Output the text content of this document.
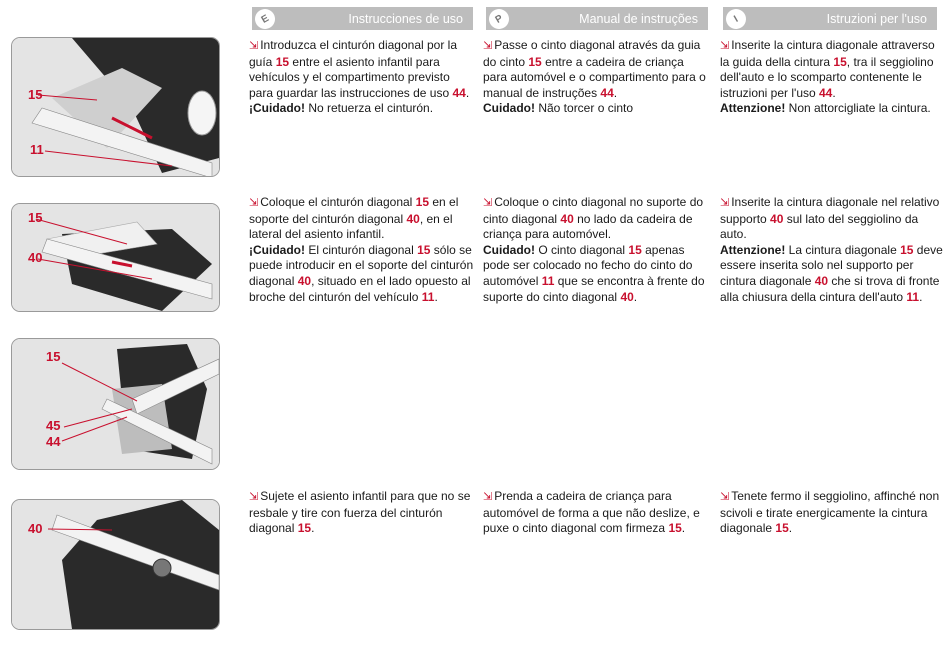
E	Instrucciones de uso	P	Manual de instruções	I	Istruzioni per l'uso
15
11
15
40
15
45
44
40
⇲ Introduzca el cinturón diagonal por la guía 15 entre el asiento infantil para vehículos y el compartimento previsto para guardar las instrucciones de uso 44.
¡Cuidado! No retuerza el cinturón.
⇲ Passe o cinto diagonal através da guia do cinto 15 entre a cadeira de criança para automóvel e o compartimento para o manual de instruções 44.
Cuidado! Não torcer o cinto
⇲ Inserite la cintura diagonale attraverso la guida della cintura 15, tra il seggiolino dell'auto e lo scomparto contenente le istruzioni per l'uso 44.
Attenzione! Non attorcigliate la cintura.
⇲ Coloque el cinturón diagonal 15 en el soporte del cinturón diagonal 40, en el lateral del asiento infantil.
¡Cuidado! El cinturón diagonal 15 sólo se puede introducir en el soporte del cinturón diagonal 40, situado en el lado opuesto al broche del cinturón del vehículo 11.
⇲ Coloque o cinto diagonal no suporte do cinto diagonal 40 no lado da cadeira de criança para automóvel.
Cuidado! O cinto diagonal 15 apenas pode ser colocado no fecho do cinto do automóvel 11 que se encontra à frente do suporte do cinto diagonal 40.
⇲ Inserite la cintura diagonale nel relativo supporto 40 sul lato del seggiolino da auto.
Attenzione! La cintura diagonale 15 deve essere inserita solo nel supporto per cintura diagonale 40 che si trova di fronte alla chiusura della cintura dell'auto 11.
⇲ Sujete el asiento infantil para que no se resbale y tire con fuerza del cinturón diagonal 15.
⇲ Prenda a cadeira de criança para automóvel de forma a que não deslize, e puxe o cinto diagonal com firmeza 15.
⇲ Tenete fermo il seggiolino, affinché non scivoli e tirate energicamente la cintura diagonale 15.
